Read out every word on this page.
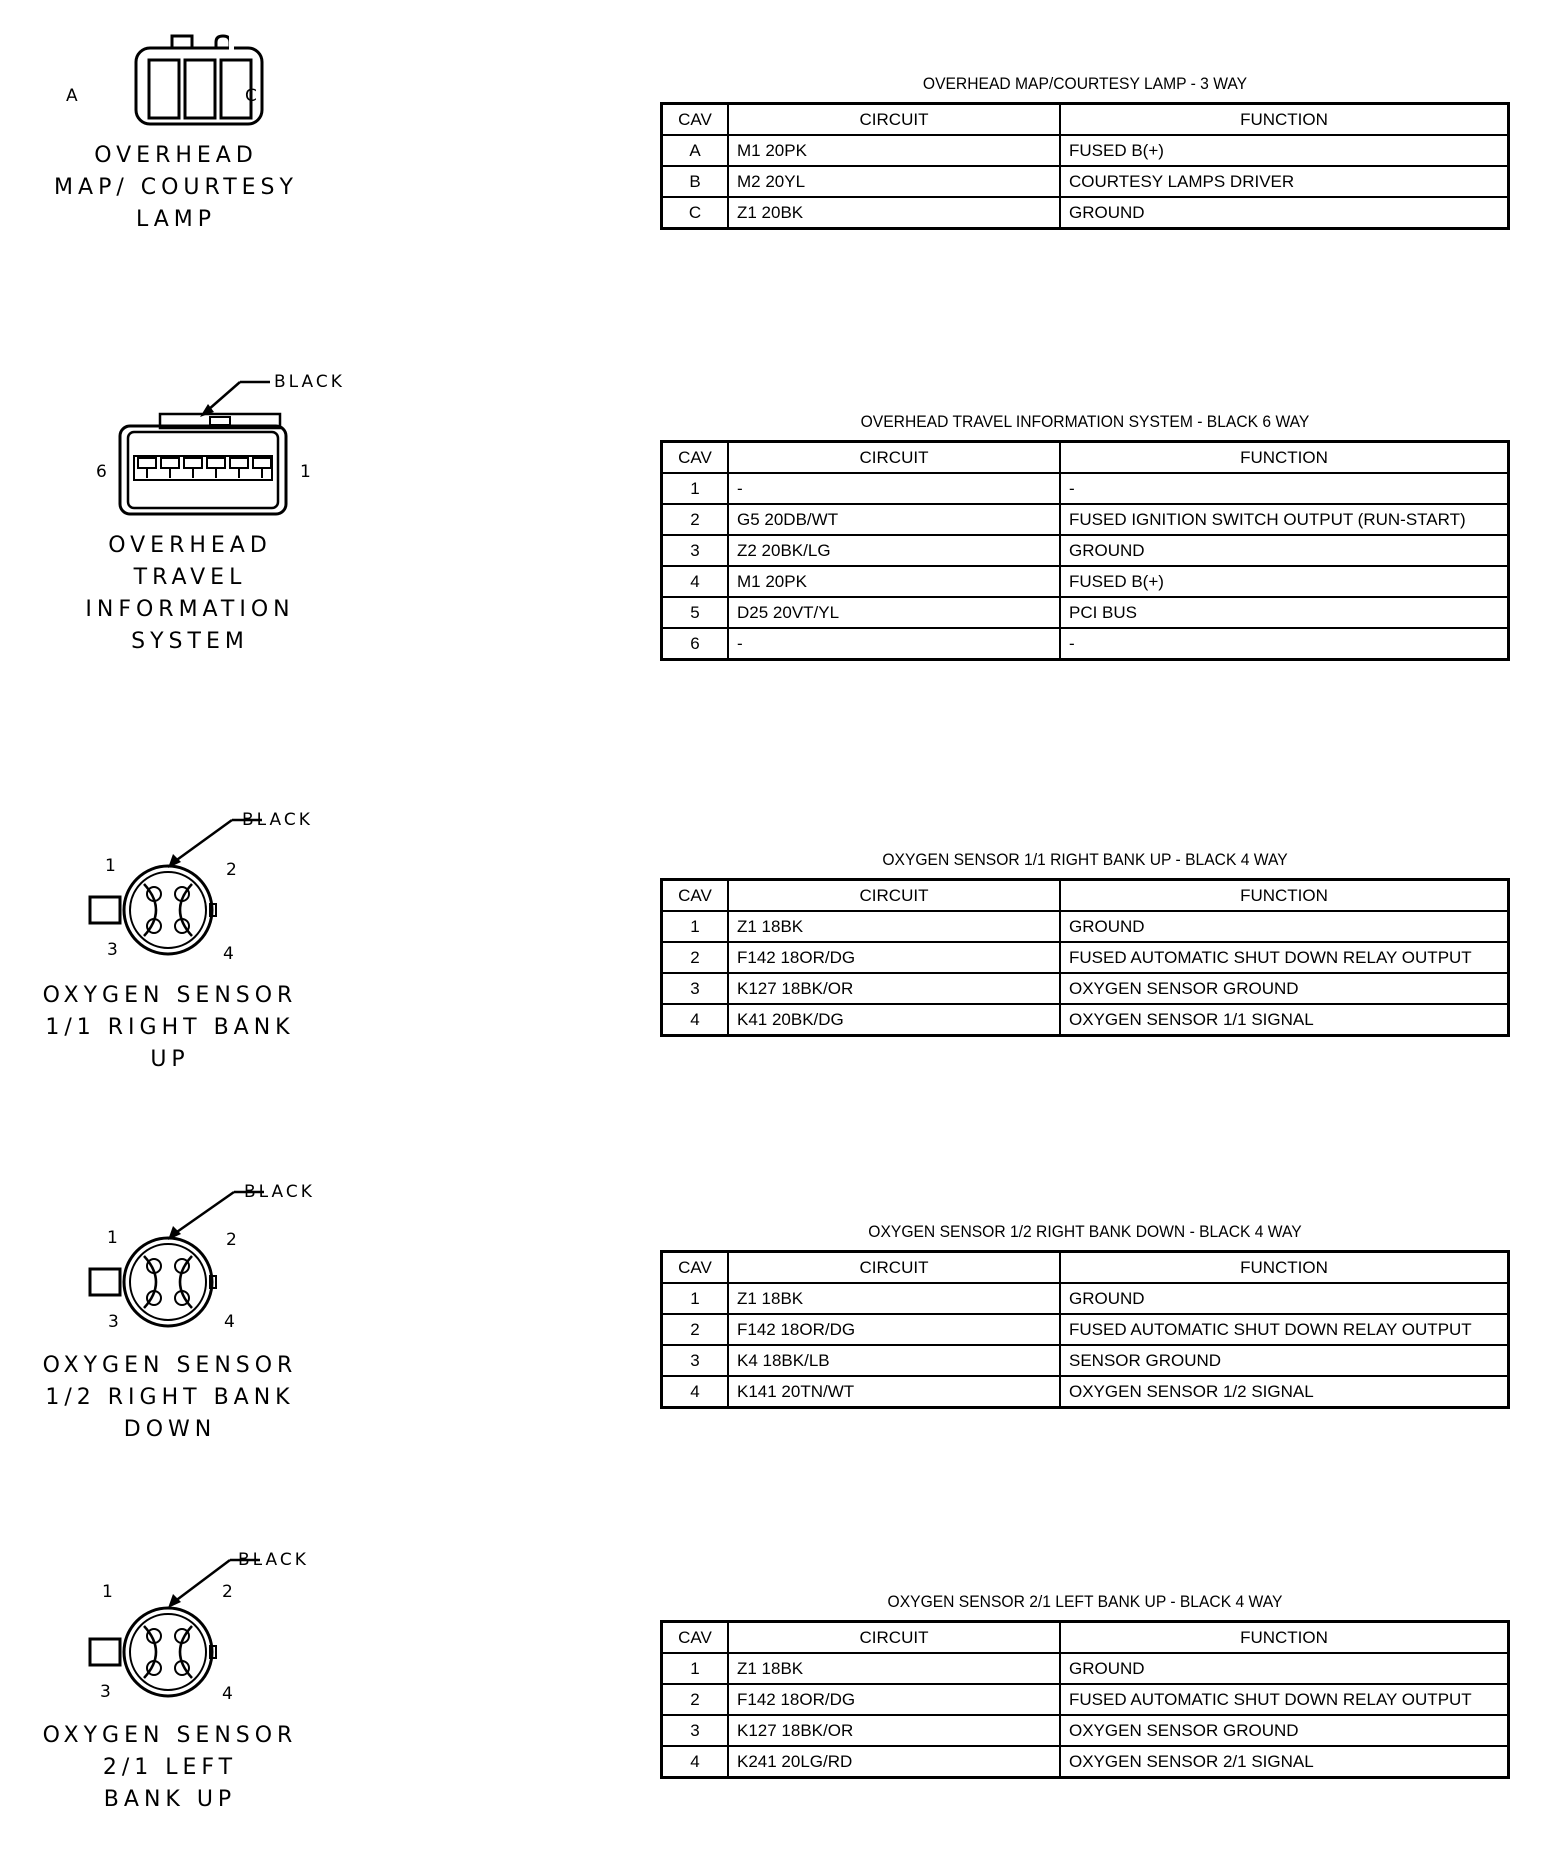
A	C
OVERHEAD
MAP/ COURTESY
LAMP
OVERHEAD MAP/COURTESY LAMP - 3 WAY
CAV	CIRCUIT	FUNCTION
A	M1 20PK	FUSED B(+)
B	M2 20YL	COURTESY LAMPS DRIVER
C	Z1 20BK	GROUND
BLACK
6	1
OVERHEAD
TRAVEL INFORMATION
SYSTEM
OVERHEAD TRAVEL INFORMATION SYSTEM - BLACK 6 WAY
CAV	CIRCUIT	FUNCTION
1	-	-
2	G5 20DB/WT	FUSED IGNITION SWITCH OUTPUT (RUN-START)
3	Z2 20BK/LG	GROUND
4	M1 20PK	FUSED B(+)
5	D25 20VT/YL	PCI BUS
6	-	-
BLACK
1	2
3	4
OXYGEN SENSOR
1/1 RIGHT BANK
UP
OXYGEN SENSOR 1/1 RIGHT BANK UP - BLACK 4 WAY
CAV	CIRCUIT	FUNCTION
1	Z1 18BK	GROUND
2	F142 18OR/DG	FUSED AUTOMATIC SHUT DOWN RELAY OUTPUT
3	K127 18BK/OR	OXYGEN SENSOR GROUND
4	K41 20BK/DG	OXYGEN SENSOR 1/1 SIGNAL
BLACK
1	2
3	4
OXYGEN SENSOR
1/2 RIGHT BANK
DOWN
OXYGEN SENSOR 1/2 RIGHT BANK DOWN - BLACK 4 WAY
CAV	CIRCUIT	FUNCTION
1	Z1 18BK	GROUND
2	F142 18OR/DG	FUSED AUTOMATIC SHUT DOWN RELAY OUTPUT
3	K4 18BK/LB	SENSOR GROUND
4	K141 20TN/WT	OXYGEN SENSOR 1/2 SIGNAL
BLACK
1	2
3	4
OXYGEN SENSOR
2/1 LEFT
BANK UP
OXYGEN SENSOR 2/1 LEFT BANK UP - BLACK 4 WAY
CAV	CIRCUIT	FUNCTION
1	Z1 18BK	GROUND
2	F142 18OR/DG	FUSED AUTOMATIC SHUT DOWN RELAY OUTPUT
3	K127 18BK/OR	OXYGEN SENSOR GROUND
4	K241 20LG/RD	OXYGEN SENSOR 2/1 SIGNAL
